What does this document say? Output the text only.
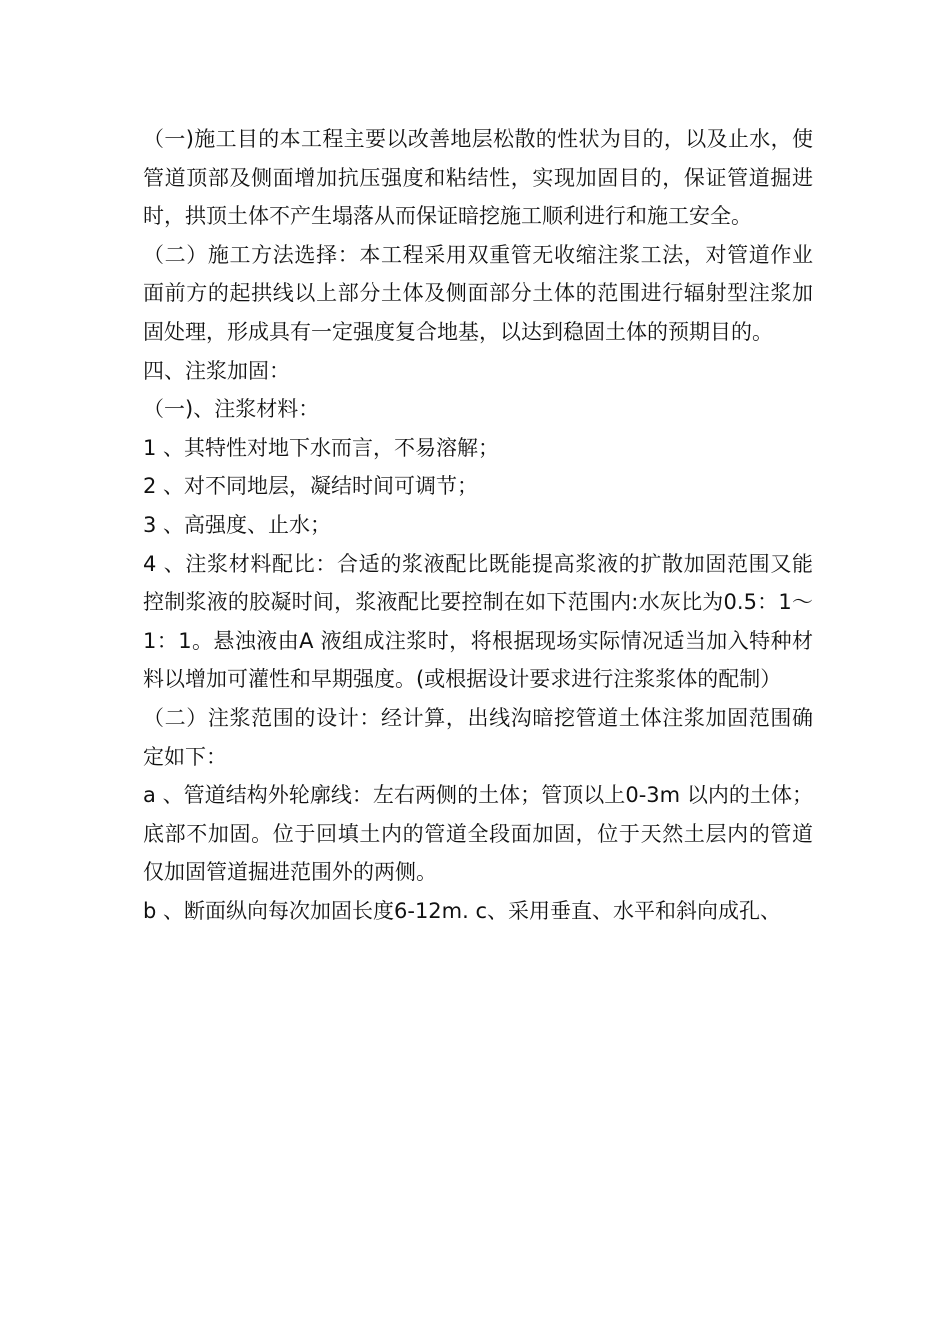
（一)施工目的本工程主要以改善地层松散的性状为目的，以及止水，使管道顶部及侧面增加抗压强度和粘结性，实现加固目的，保证管道掘进时，拱顶土体不产生塌落从而保证暗挖施工顺利进行和施工安全。

（二）施工方法选择：本工程采用双重管无收缩注浆工法，对管道作业面前方的起拱线以上部分土体及侧面部分土体的范围进行辐射型注浆加固处理，形成具有一定强度复合地基，以达到稳固土体的预期目的。

四、注浆加固：

（一)、注浆材料：

1 、其特性对地下水而言，不易溶解；

2 、对不同地层，凝结时间可调节；

3 、高强度、止水；

4 、注浆材料配比：合适的浆液配比既能提高浆液的扩散加固范围又能控制浆液的胶凝时间，浆液配比要控制在如下范围内:水灰比为0.5：1～1：1。悬浊液由A 液组成注浆时，将根据现场实际情况适当加入特种材料以增加可灌性和早期强度。(或根据设计要求进行注浆浆体的配制）

（二）注浆范围的设计：经计算，出线沟暗挖管道土体注浆加固范围确定如下：

a 、管道结构外轮廓线：左右两侧的土体；管顶以上0-3m 以内的土体；底部不加固。位于回填土内的管道全段面加固，位于天然土层内的管道仅加固管道掘进范围外的两侧。

b 、断面纵向每次加固长度6-12m. c、采用垂直、水平和斜向成孔、
